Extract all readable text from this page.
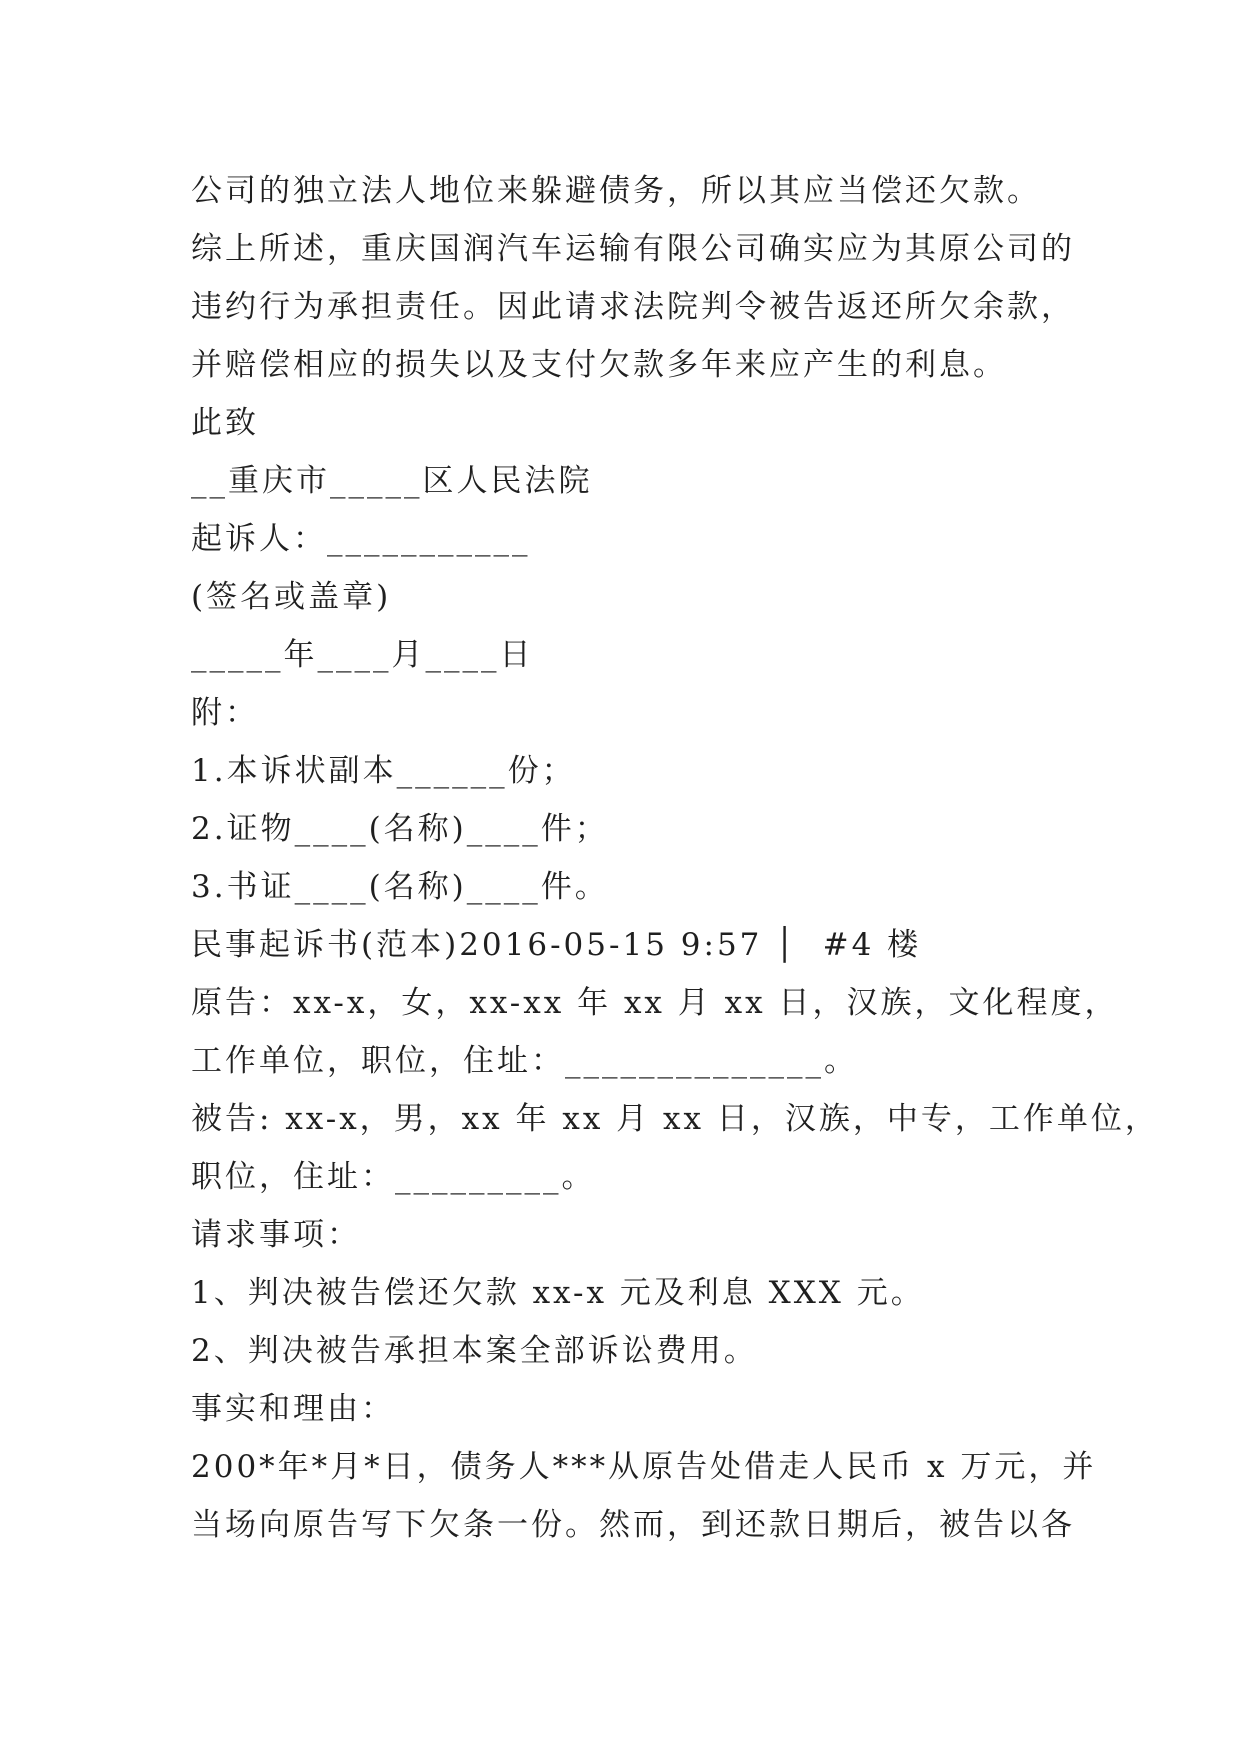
公司的独立法人地位来躲避债务，所以其应当偿还欠款。

综上所述，重庆国润汽车运输有限公司确实应为其原公司的

违约行为承担责任。因此请求法院判令被告返还所欠余款，

并赔偿相应的损失以及支付欠款多年来应产生的利息。

此致

__重庆市_____区人民法院

起诉人：___________

(签名或盖章)

_____年____月____日

附：

1.本诉状副本______份；

2.证物____(名称)____件；

3.书证____(名称)____件。

民事起诉书(范本)2016-05-15 9:57 │  #4 楼

原告：xx-x，女，xx-xx 年 xx 月 xx 日，汉族，文化程度，

工作单位，职位，住址：______________。

被告: xx-x，男，xx 年 xx 月 xx 日，汉族，中专，工作单位，

职位，住址：_________。

请求事项：

1、判决被告偿还欠款 xx-x 元及利息 XXX 元。

2、判决被告承担本案全部诉讼费用。

事实和理由：

200*年*月*日，债务人***从原告处借走人民币 x 万元，并

当场向原告写下欠条一份。然而，到还款日期后，被告以各
